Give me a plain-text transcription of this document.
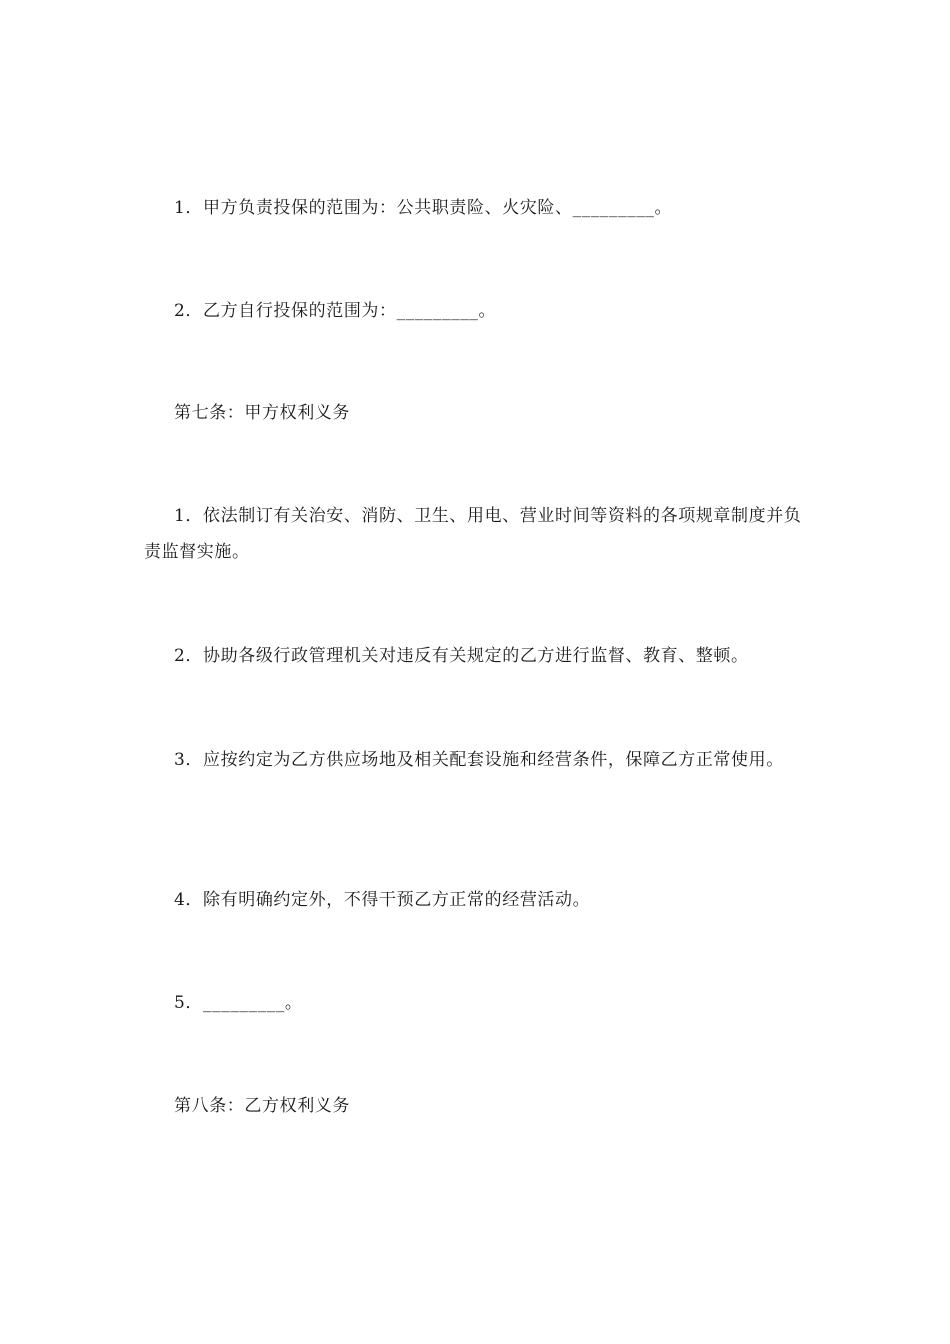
1．甲方负责投保的范围为：公共职责险、火灾险、_________。

2．乙方自行投保的范围为：_________。

第七条：甲方权利义务

1．依法制订有关治安、消防、卫生、用电、营业时间等资料的各项规章制度并负责监督实施。

2．协助各级行政管理机关对违反有关规定的乙方进行监督、教育、整顿。

3．应按约定为乙方供应场地及相关配套设施和经营条件，保障乙方正常使用。

4．除有明确约定外，不得干预乙方正常的经营活动。

5．_________。

第八条：乙方权利义务
